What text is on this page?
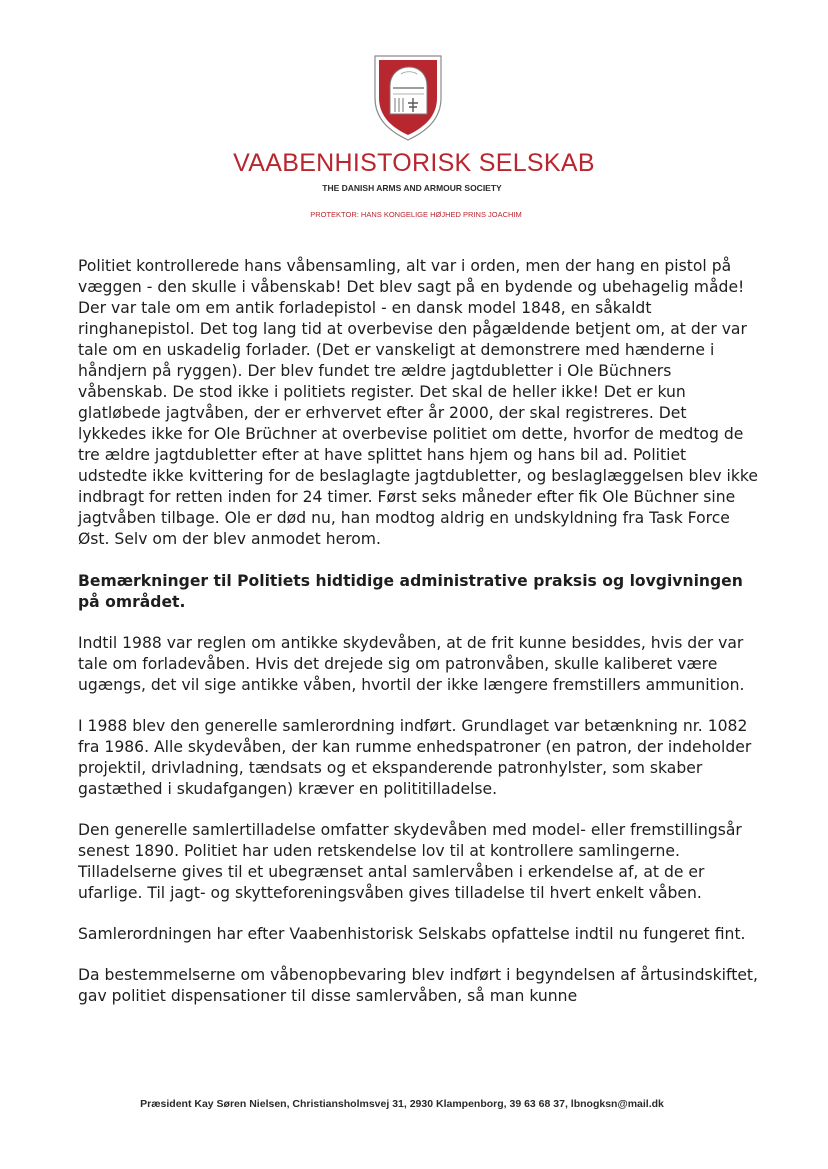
VAABENHISTORISK SELSKAB
THE DANISH ARMS AND ARMOUR SOCIETY
PROTEKTOR: HANS KONGELIGE HØJHED PRINS JOACHIM

Politiet kontrollerede hans våbensamling, alt var i orden, men der hang en pistol på væggen - den skulle i våbenskab! Det blev sagt på en bydende og ubehagelig måde! Der var tale om em antik forladepistol - en dansk model 1848, en såkaldt ringhanepistol. Det tog lang tid at overbevise den pågældende betjent om, at der var tale om en uskadelig forlader. (Det er vanskeligt at demonstrere med hænderne i håndjern på ryggen). Der blev fundet tre ældre jagtdubletter i Ole Büchners våbenskab. De stod ikke i politiets register. Det skal de heller ikke! Det er kun glatløbede jagtvåben, der er erhvervet efter år 2000, der skal registreres. Det lykkedes ikke for Ole Brüchner at overbevise politiet om dette, hvorfor de medtog de tre ældre jagtdubletter efter at have splittet hans hjem og hans bil ad. Politiet udstedte ikke kvittering for de beslaglagte jagtdubletter, og beslaglæggelsen blev ikke indbragt for retten inden for 24 timer. Først seks måneder efter fik Ole Büchner sine jagtvåben tilbage. Ole er død nu, han modtog aldrig en undskyldning fra Task Force Øst. Selv om der blev anmodet herom.

Bemærkninger til Politiets hidtidige administrative praksis og lovgivningen på området.

Indtil 1988 var reglen om antikke skydevåben, at de frit kunne besiddes, hvis der var tale om forladevåben. Hvis det drejede sig om patronvåben, skulle kaliberet være ugængs, det vil sige antikke våben, hvortil der ikke længere fremstillers ammunition.

I 1988 blev den generelle samlerordning indført. Grundlaget var betænkning nr. 1082 fra 1986. Alle skydevåben, der kan rumme enhedspatroner (en patron, der indeholder projektil, drivladning, tændsats og et ekspanderende patronhylster, som skaber gastæthed i skudafgangen) kræver en polititilladelse.

Den generelle samlertilladelse omfatter skydevåben med model- eller fremstillingsår senest 1890. Politiet har uden retskendelse lov til at kontrollere samlingerne. Tilladelserne gives til et ubegrænset antal samlervåben i erkendelse af, at de er ufarlige. Til jagt- og skytteforeningsvåben gives tilladelse til hvert enkelt våben.

Samlerordningen har efter Vaabenhistorisk Selskabs opfattelse indtil nu fungeret fint.

Da bestemmelserne om våbenopbevaring blev indført i begyndelsen af årtusindskiftet, gav politiet dispensationer til disse samlervåben, så man kunne

Præsident Kay Søren Nielsen, Christiansholmsvej 31, 2930 Klampenborg, 39 63 68 37, lbnogksn@mail.dk
